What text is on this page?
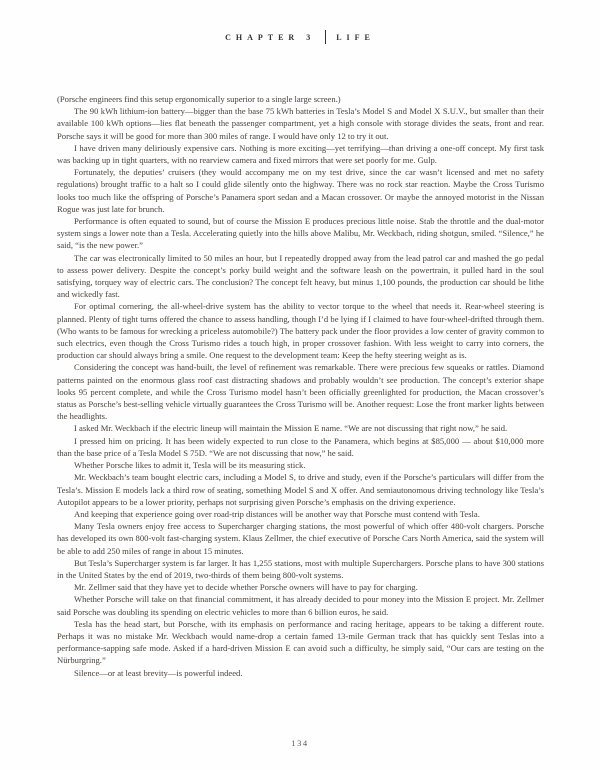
CHAPTER 3	LIFE

(Porsche engineers find this setup ergonomically superior to a single large screen.)

The 90 kWh lithium-ion battery—bigger than the base 75 kWh batteries in Tesla’s Model S and Model X S.U.V., but smaller than their available 100 kWh options—lies flat beneath the passenger compartment, yet a high console with storage divides the seats, front and rear. Porsche says it will be good for more than 300 miles of range. I would have only 12 to try it out.

I have driven many deliriously expensive cars. Nothing is more exciting—yet terrifying—than driving a one-off concept. My first task was backing up in tight quarters, with no rearview camera and fixed mirrors that were set poorly for me. Gulp.

Fortunately, the deputies’ cruisers (they would accompany me on my test drive, since the car wasn’t licensed and met no safety regulations) brought traffic to a halt so I could glide silently onto the highway. There was no rock star reaction. Maybe the Cross Turismo looks too much like the offspring of Porsche’s Panamera sport sedan and a Macan crossover. Or maybe the annoyed motorist in the Nissan Rogue was just late for brunch.

Performance is often equated to sound, but of course the Mission E produces precious little noise. Stab the throttle and the dual-motor system sings a lower note than a Tesla. Accelerating quietly into the hills above Malibu, Mr. Weckbach, riding shotgun, smiled. “Silence,” he said, “is the new power.”

The car was electronically limited to 50 miles an hour, but I repeatedly dropped away from the lead patrol car and mashed the go pedal to assess power delivery. Despite the concept’s porky build weight and the software leash on the powertrain, it pulled hard in the soul satisfying, torquey way of electric cars. The conclusion? The concept felt heavy, but minus 1,100 pounds, the production car should be lithe and wickedly fast.

For optimal cornering, the all-wheel-drive system has the ability to vector torque to the wheel that needs it. Rear-wheel steering is planned. Plenty of tight turns offered the chance to assess handling, though I’d be lying if I claimed to have four-wheel-drifted through them. (Who wants to be famous for wrecking a priceless automobile?) The battery pack under the floor provides a low center of gravity common to such electrics, even though the Cross Turismo rides a touch high, in proper crossover fashion. With less weight to carry into corners, the production car should always bring a smile. One request to the development team: Keep the hefty steering weight as is.

Considering the concept was hand-built, the level of refinement was remarkable. There were precious few squeaks or rattles. Diamond patterns painted on the enormous glass roof cast distracting shadows and probably wouldn’t see production. The concept’s exterior shape looks 95 percent complete, and while the Cross Turismo model hasn’t been officially greenlighted for production, the Macan crossover’s status as Porsche’s best-selling vehicle virtually guarantees the Cross Turismo will be. Another request: Lose the front marker lights between the headlights.

I asked Mr. Weckbach if the electric lineup will maintain the Mission E name. “We are not discussing that right now,” he said.

I pressed him on pricing. It has been widely expected to run close to the Panamera, which begins at $85,000 — about $10,000 more than the base price of a Tesla Model S 75D. “We are not discussing that now,” he said.

Whether Porsche likes to admit it, Tesla will be its measuring stick.

Mr. Weckbach’s team bought electric cars, including a Model S, to drive and study, even if the Porsche’s particulars will differ from the Tesla’s. Mission E models lack a third row of seating, something Model S and X offer. And semiautonomous driving technology like Tesla’s Autopilot appears to be a lower priority, perhaps not surprising given Porsche’s emphasis on the driving experience.

And keeping that experience going over road-trip distances will be another way that Porsche must contend with Tesla.

Many Tesla owners enjoy free access to Supercharger charging stations, the most powerful of which offer 480-volt chargers. Porsche has developed its own 800-volt fast-charging system. Klaus Zellmer, the chief executive of Porsche Cars North America, said the system will be able to add 250 miles of range in about 15 minutes.

But Tesla’s Supercharger system is far larger. It has 1,255 stations, most with multiple Superchargers. Porsche plans to have 300 stations in the United States by the end of 2019, two-thirds of them being 800-volt systems.

Mr. Zellmer said that they have yet to decide whether Porsche owners will have to pay for charging.

Whether Porsche will take on that financial commitment, it has already decided to pour money into the Mission E project. Mr. Zellmer said Porsche was doubling its spending on electric vehicles to more than 6 billion euros, he said.

Tesla has the head start, but Porsche, with its emphasis on performance and racing heritage, appears to be taking a different route. Perhaps it was no mistake Mr. Weckbach would name-drop a certain famed 13-mile German track that has quickly sent Teslas into a performance-sapping safe mode. Asked if a hard-driven Mission E can avoid such a difficulty, he simply said, “Our cars are testing on the Nürburgring.”

Silence—or at least brevity—is powerful indeed.

134
